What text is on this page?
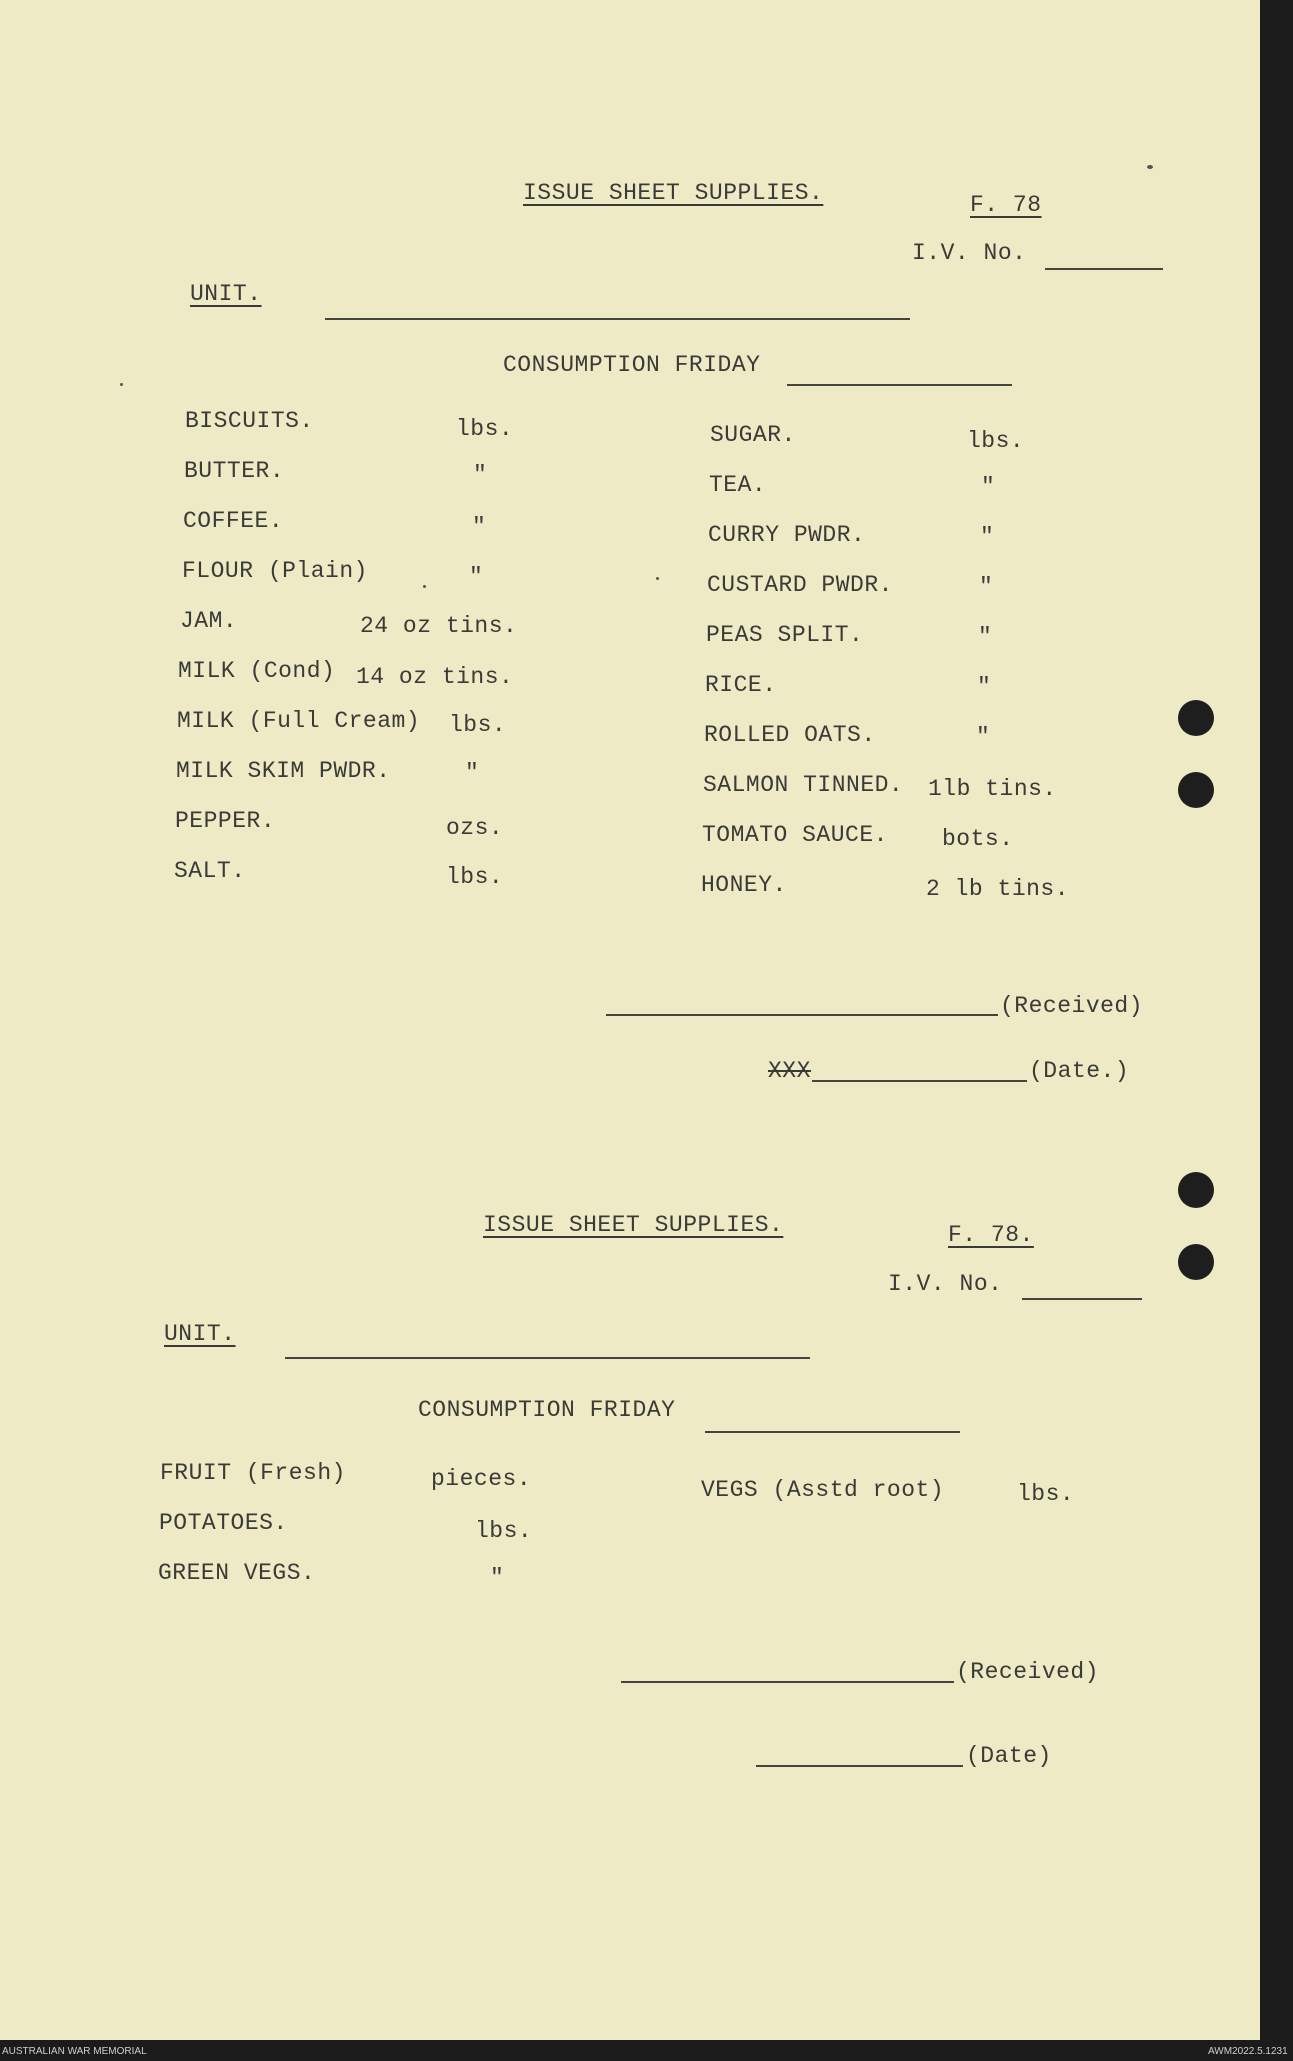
ISSUE SHEET SUPPLIES.	F. 78
I.V. No.
UNIT.
CONSUMPTION FRIDAY
BISCUITS.	lbs.
BUTTER.	"
COFFEE.	"
FLOUR (Plain)	"
JAM.	24 oz tins.
MILK (Cond) 14 oz tins.
MILK (Full Cream) lbs.
MILK SKIM PWDR.	"
PEPPER.	ozs.
SALT.	lbs.
SUGAR.	lbs.
TEA.	"
CURRY PWDR.	"
CUSTARD PWDR.	"
PEAS SPLIT.	"
RICE.	"
ROLLED OATS.	"
SALMON TINNED. 1lb tins.
TOMATO SAUCE. bots.
HONEY.	2 lb tins.
(Received)
XXX	(Date.)
ISSUE SHEET SUPPLIES.	F. 78.
I.V. No.
UNIT.
CONSUMPTION FRIDAY
FRUIT (Fresh)	pieces.
POTATOES.	lbs.
GREEN VEGS.	"
VEGS (Asstd root)	lbs.
(Received)
(Date)
AUSTRALIAN WAR MEMORIAL	AWM2022.5.1231
